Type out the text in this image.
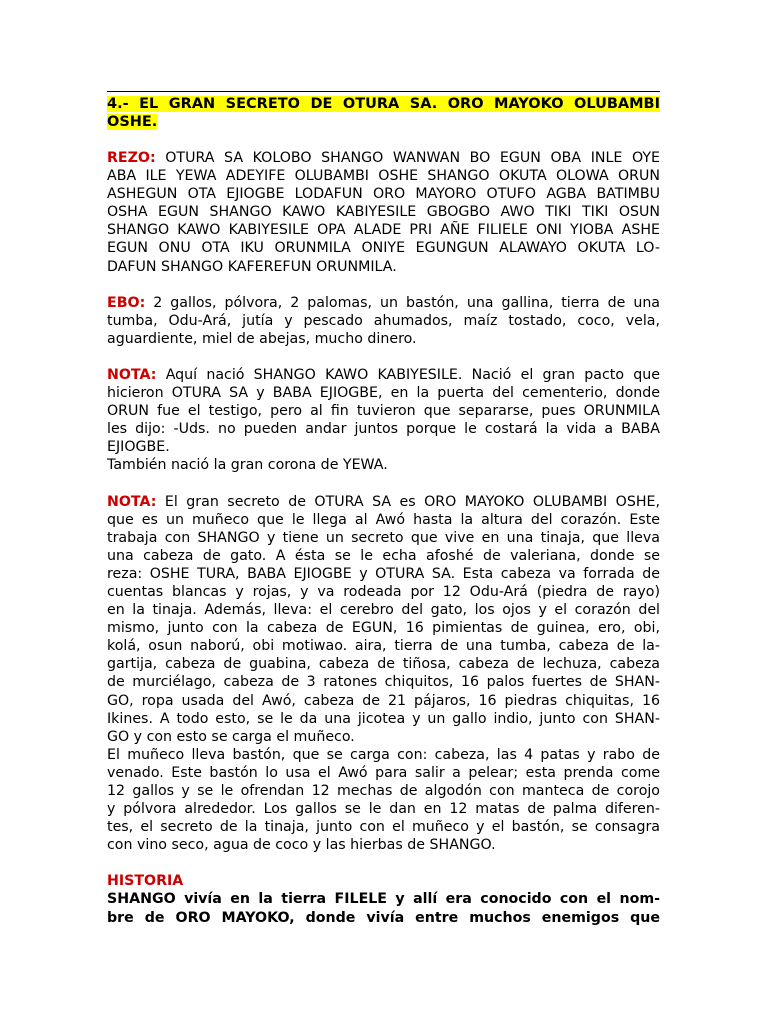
4.- EL GRAN SECRETO DE OTURA SA. ORO MAYOKO OLUBAMBI OSHE.

REZO: OTURA SA KOLOBO SHANGO WANWAN BO EGUN OBA INLE OYE
ABA ILE YEWA ADEYIFE OLUBAMBI OSHE SHANGO OKUTA OLOWA ORUN
ASHEGUN OTA EJIOGBE LODAFUN ORO MAYORO OTUFO AGBA BATIMBU
OSHA EGUN SHANGO KAWO KABIYESILE GBOGBO AWO TIKI TIKI OSUN
SHANGO KAWO KABIYESILE OPA ALADE PRI AÑE FILIELE ONI YIOBA ASHE
EGUN ONU OTA IKU ORUNMILA ONIYE EGUNGUN ALAWAYO OKUTA LO-
DAFUN SHANGO KAFEREFUN ORUNMILA.
EBO: 2 gallos, pólvora, 2 palomas, un bastón, una gallina, tierra de una
tumba, Odu-Ará, jutía y pescado ahumados, maíz tostado, coco, vela,
aguardiente, miel de abejas, mucho dinero.
NOTA: Aquí nació SHANGO KAWO KABIYESILE. Nació el gran pacto que
hicieron OTURA SA y BABA EJIOGBE, en la puerta del cementerio, donde
ORUN fue el testigo, pero al fin tuvieron que separarse, pues ORUNMILA
les dijo: -Uds. no pueden andar juntos porque le costará la vida a BABA
EJIOGBE.
También nació la gran corona de YEWA.
NOTA: El gran secreto de OTURA SA es ORO MAYOKO OLUBAMBI OSHE,
que es un muñeco que le llega al Awó hasta la altura del corazón. Este
trabaja con SHANGO y tiene un secreto que vive en una tinaja, que lleva
una cabeza de gato. A ésta se le echa afoshé de valeriana, donde se
reza: OSHE TURA, BABA EJIOGBE y OTURA SA. Esta cabeza va forrada de
cuentas blancas y rojas, y va rodeada por 12 Odu-Ará (piedra de rayo)
en la tinaja. Además, lleva: el cerebro del gato, los ojos y el corazón del
mismo, junto con la cabeza de EGUN, 16 pimientas de guinea, ero, obi,
kolá, osun naború, obi motiwao. aira, tierra de una tumba, cabeza de la-
gartija, cabeza de guabina, cabeza de tiñosa, cabeza de lechuza, cabeza
de murciélago, cabeza de 3 ratones chiquitos, 16 palos fuertes de SHAN-
GO, ropa usada del Awó, cabeza de 21 pájaros, 16 piedras chiquitas, 16
Ikines. A todo esto, se le da una jicotea y un gallo indio, junto con SHAN-
GO y con esto se carga el muñeco.
El muñeco lleva bastón, que se carga con: cabeza, las 4 patas y rabo de
venado. Este bastón lo usa el Awó para salir a pelear; esta prenda come
12 gallos y se le ofrendan 12 mechas de algodón con manteca de corojo
y pólvora alrededor. Los gallos se le dan en 12 matas de palma diferen-
tes, el secreto de la tinaja, junto con el muñeco y el bastón, se consagra
con vino seco, agua de coco y las hierbas de SHANGO.
HISTORIA
SHANGO vivía en la tierra FILELE y allí era conocido con el nom-
bre de ORO MAYOKO, donde vivía entre muchos enemigos que
